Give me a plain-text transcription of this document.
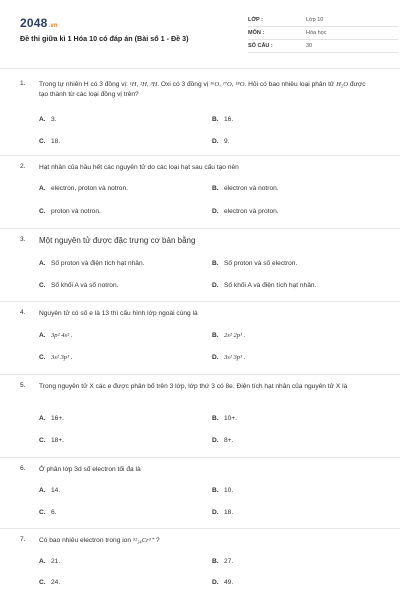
2048.vn
Đề thi giữa kì 1 Hóa 10 có đáp án (Bài số 1 - Đề 3)
LỚP :	Lớp 10
MÔN :	Hóa học
SỐ CÂU :	30
1. Trong tự nhiên H có 3 đồng vị: ¹H, ²H, ³H. Oxi có 3 đồng vị ¹⁶O, ¹⁷O, ¹⁸O. Hỏi có bao nhiêu loại phân tử H₂O được tạo thành từ các loại đồng vị trên?
A. 3.	B. 16.
C. 18.	D. 9.
2. Hạt nhân của hầu hết các nguyên tử do các loại hạt sau cấu tạo nên
A. electron, proton và notron.	B. electron và notron.
C. proton và notron.	D. electron và proton.
3. Một nguyên tử được đặc trưng cơ bản bằng
A. Số proton và điện tích hạt nhân.	B. Số proton và số electron.
C. Số khối A và số notron.	D. Số khối A và điện tích hạt nhân.
4. Nguyên tử có số e là 13 thì cấu hình lớp ngoài cùng là
A. 3p² 4s² .	B. 2s² 2p¹ .
C. 3s² 3p¹ .	D. 3s² 3p³ .
5. Trong nguyên tử X các e được phân bố trên 3 lớp, lớp thứ 3 có 8e. Điện tích hạt nhân của nguyên tử X là
A. 16+.	B. 10+.
C. 18+.	D. 8+.
6. Ở phân lớp 3d số electron tối đa là
A. 14.	B. 10.
C. 6.	D. 18.
7. Có bao nhiêu electron trong ion ⁵²₂₄Cr³⁺ ?
A. 21.	B. 27.
C. 24.	D. 49.
